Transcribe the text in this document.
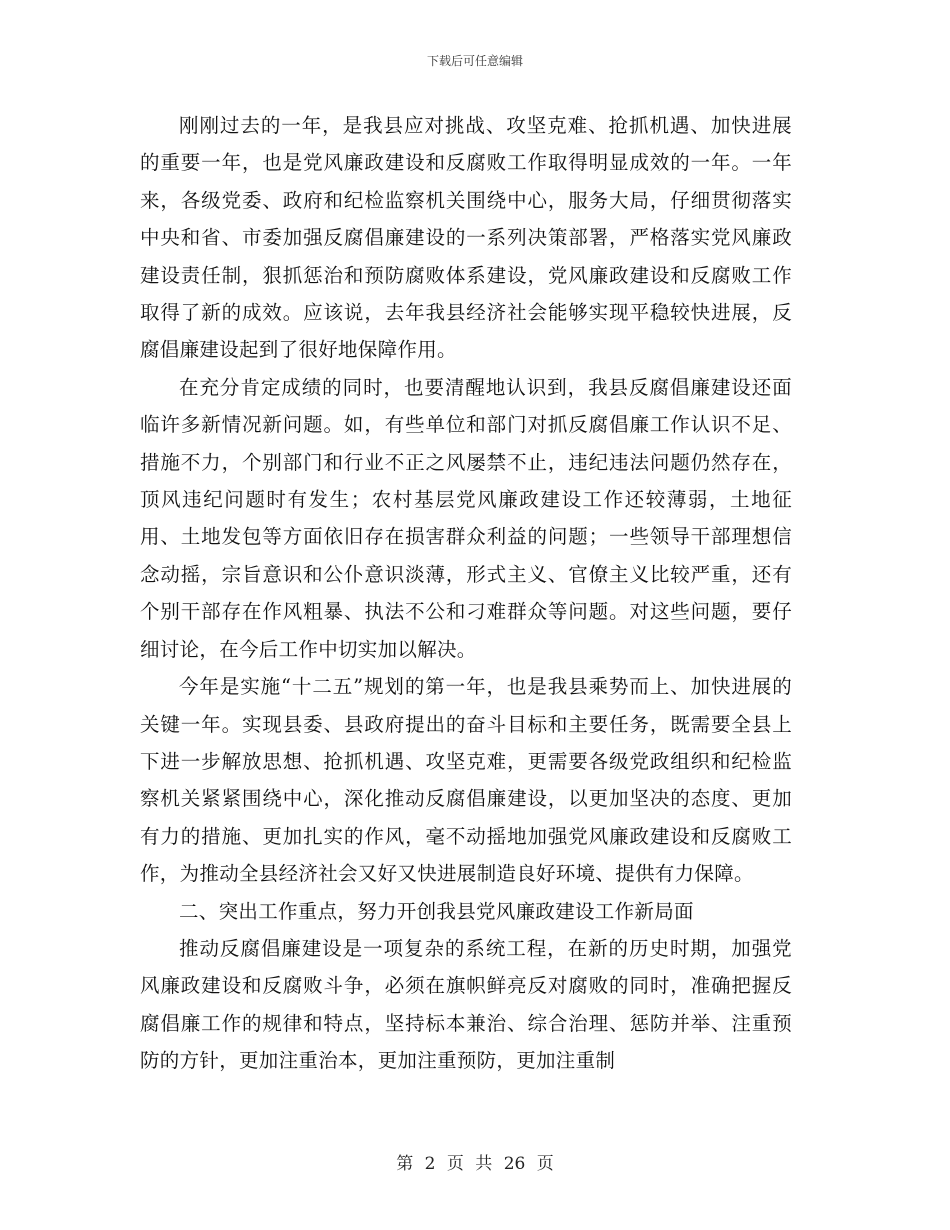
下载后可任意编辑

刚刚过去的一年，是我县应对挑战、攻坚克难、抢抓机遇、加快进展的重要一年，也是党风廉政建设和反腐败工作取得明显成效的一年。一年来，各级党委、政府和纪检监察机关围绕中心，服务大局，仔细贯彻落实中央和省、市委加强反腐倡廉建设的一系列决策部署，严格落实党风廉政建设责任制，狠抓惩治和预防腐败体系建设，党风廉政建设和反腐败工作取得了新的成效。应该说，去年我县经济社会能够实现平稳较快进展，反腐倡廉建设起到了很好地保障作用。

在充分肯定成绩的同时，也要清醒地认识到，我县反腐倡廉建设还面临许多新情况新问题。如，有些单位和部门对抓反腐倡廉工作认识不足、措施不力，个别部门和行业不正之风屡禁不止，违纪违法问题仍然存在，顶风违纪问题时有发生；农村基层党风廉政建设工作还较薄弱，土地征用、土地发包等方面依旧存在损害群众利益的问题；一些领导干部理想信念动摇，宗旨意识和公仆意识淡薄，形式主义、官僚主义比较严重，还有个别干部存在作风粗暴、执法不公和刁难群众等问题。对这些问题，要仔细讨论，在今后工作中切实加以解决。

今年是实施“十二五”规划的第一年，也是我县乘势而上、加快进展的关键一年。实现县委、县政府提出的奋斗目标和主要任务，既需要全县上下进一步解放思想、抢抓机遇、攻坚克难，更需要各级党政组织和纪检监察机关紧紧围绕中心，深化推动反腐倡廉建设，以更加坚决的态度、更加有力的措施、更加扎实的作风，毫不动摇地加强党风廉政建设和反腐败工作，为推动全县经济社会又好又快进展制造良好环境、提供有力保障。

二、突出工作重点，努力开创我县党风廉政建设工作新局面

推动反腐倡廉建设是一项复杂的系统工程，在新的历史时期，加强党风廉政建设和反腐败斗争，必须在旗帜鲜亮反对腐败的同时，准确把握反腐倡廉工作的规律和特点，坚持标本兼治、综合治理、惩防并举、注重预防的方针，更加注重治本，更加注重预防，更加注重制

第 2 页 共 26 页
